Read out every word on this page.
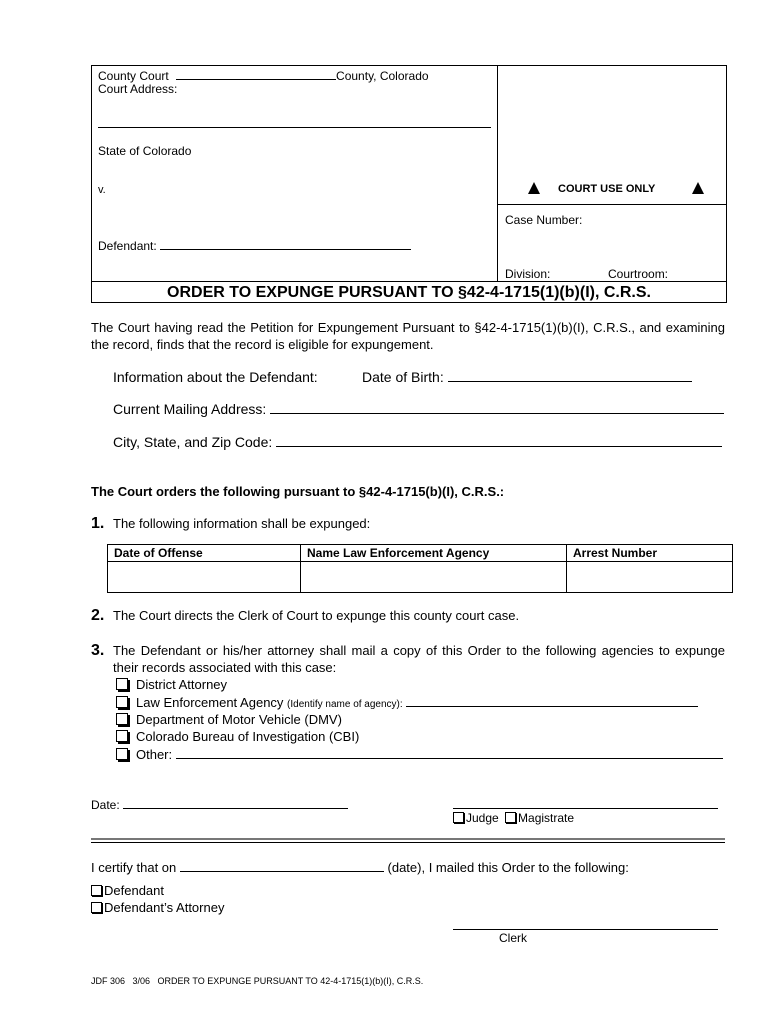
County Court	County, Colorado
Court Address:
State of Colorado
v.
Defendant:
COURT USE ONLY
Case Number:
Division:	Courtroom:
ORDER TO EXPUNGE PURSUANT TO §42-4-1715(1)(b)(I), C.R.S.
The Court having read the Petition for Expungement Pursuant to §42-4-1715(1)(b)(I), C.R.S., and examining the record, finds that the record is eligible for expungement.
Information about the Defendant:	Date of Birth:
Current Mailing Address:
City, State, and Zip Code:
The Court orders the following pursuant to §42-4-1715(b)(I), C.R.S.:
1. The following information shall be expunged:
Date of Offense	Name Law Enforcement Agency	Arrest Number

2. The Court directs the Clerk of Court to expunge this county court case.
3. The Defendant or his/her attorney shall mail a copy of this Order to the following agencies to expunge their records associated with this case:
District Attorney
Law Enforcement Agency (Identify name of agency):
Department of Motor Vehicle (DMV)
Colorado Bureau of Investigation (CBI)
Other:
Date:
Judge Magistrate
I certify that on	(date), I mailed this Order to the following:
Defendant
Defendant’s Attorney
Clerk
JDF 306   3/06   ORDER TO EXPUNGE PURSUANT TO 42-4-1715(1)(b)(I), C.R.S.
